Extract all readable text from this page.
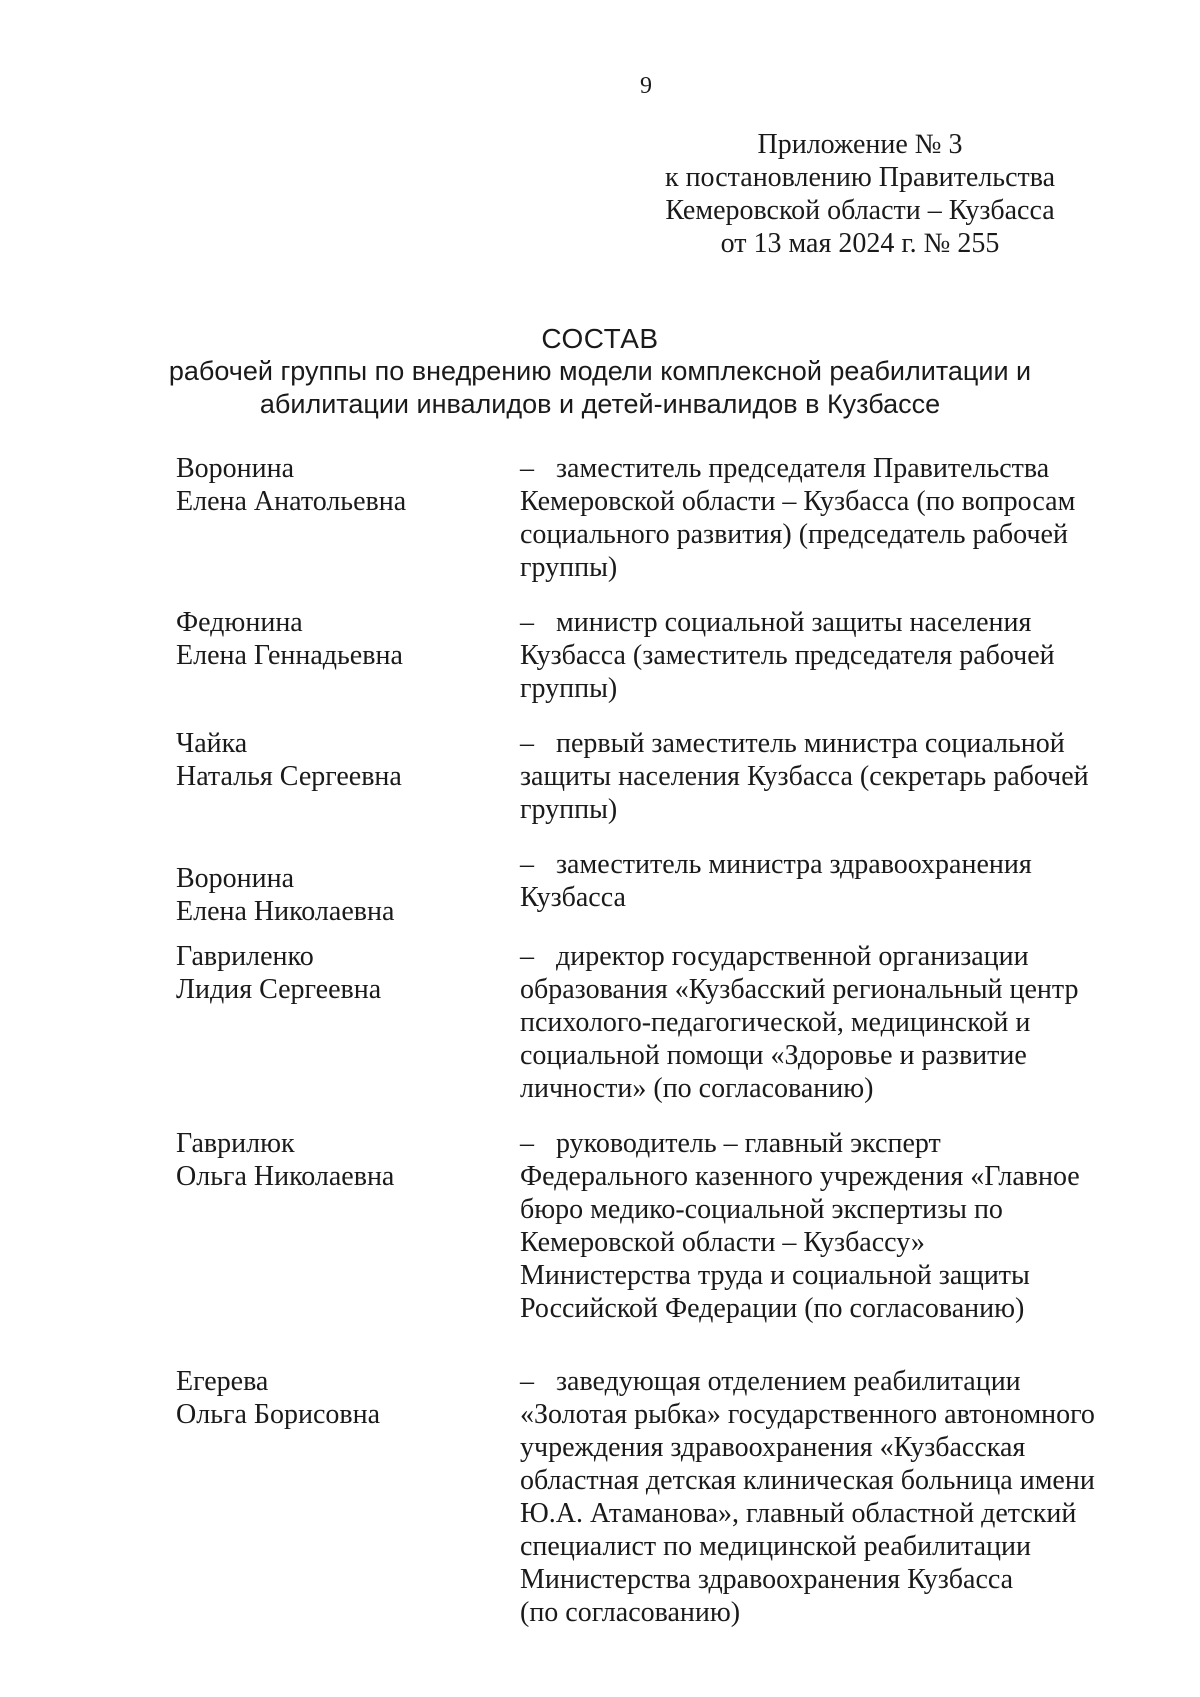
9
Приложение № 3
к постановлению Правительства
Кемеровской области – Кузбасса
от 13 мая 2024 г. № 255
СОСТАВ
рабочей группы по внедрению модели комплексной реабилитации и
абилитации инвалидов и детей-инвалидов в Кузбассе
Воронина
Елена Анатольевна
– заместитель председателя Правительства
Кемеровской области – Кузбасса (по вопросам
социального развития) (председатель рабочей
группы)
Федюнина
Елена Геннадьевна
– министр социальной защиты населения
Кузбасса (заместитель председателя рабочей
группы)
Чайка
Наталья Сергеевна
– первый заместитель министра социальной
защиты населения Кузбасса (секретарь рабочей
группы)
Воронина
Елена Николаевна
– заместитель министра здравоохранения
Кузбасса
Гавриленко
Лидия Сергеевна
– директор государственной организации
образования «Кузбасский региональный центр
психолого-педагогической, медицинской и
социальной помощи «Здоровье и развитие
личности» (по согласованию)
Гаврилюк
Ольга Николаевна
– руководитель – главный эксперт
Федерального казенного учреждения «Главное
бюро медико-социальной экспертизы по
Кемеровской области – Кузбассу»
Министерства труда и социальной защиты
Российской Федерации (по согласованию)
Егерева
Ольга Борисовна
– заведующая отделением реабилитации
«Золотая рыбка» государственного автономного
учреждения здравоохранения «Кузбасская
областная детская клиническая больница имени
Ю.А. Атаманова», главный областной детский
специалист по медицинской реабилитации
Министерства здравоохранения Кузбасса
(по согласованию)
